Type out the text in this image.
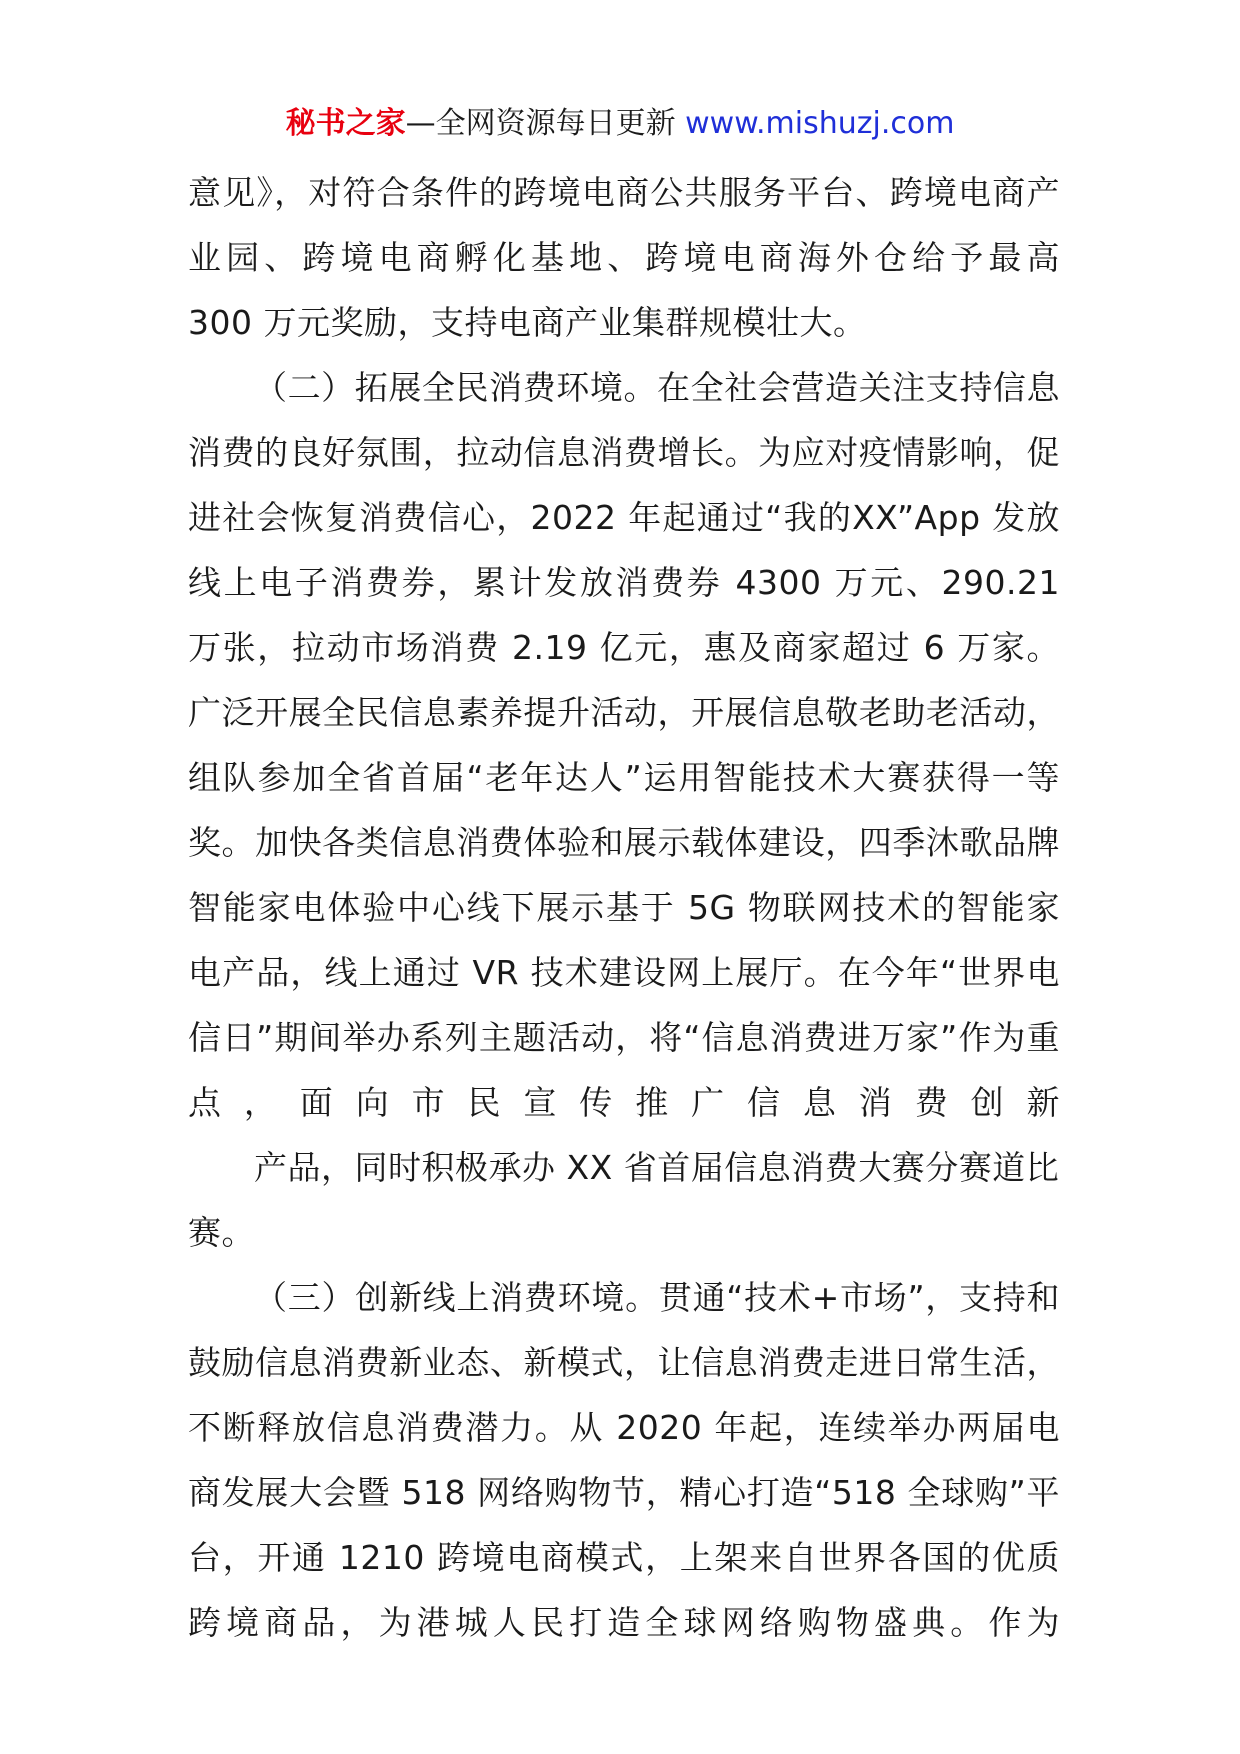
秘书之家—全网资源每日更新 www.mishuzj.com

意见》，对符合条件的跨境电商公共服务平台、跨境电商产业园、跨境电商孵化基地、跨境电商海外仓给予最高
300 万元奖励，支持电商产业集群规模壮大。

（二）拓展全民消费环境。在全社会营造关注支持信息消费的良好氛围，拉动信息消费增长。为应对疫情影响，促进社会恢复消费信心，2022 年起通过“我的XX”App 发放线上电子消费券，累计发放消费券 4300 万元、290.21 万张，拉动市场消费 2.19 亿元，惠及商家超过 6 万家。广泛开展全民信息素养提升活动，开展信息敬老助老活动，组队参加全省首届“老年达人”运用智能技术大赛获得一等奖。加快各类信息消费体验和展示载体建设，四季沐歌品牌智能家电体验中心线下展示基于 5G 物联网技术的智能家电产品，线上通过 VR 技术建设网上展厅。在今年“世界电信日”期间举办系列主题活动，将“信息消费进万家”作为重点，面向市民宣传推广信息消费创新
产品，同时积极承办 XX 省首届信息消费大赛分赛道比赛。

（三）创新线上消费环境。贯通“技术+市场”，支持和鼓励信息消费新业态、新模式，让信息消费走进日常生活，不断释放信息消费潜力。从 2020 年起，连续举办两届电商发展大会暨 518 网络购物节，精心打造“518 全球购”平台，开通 1210 跨境电商模式，上架来自世界各国的优质跨境商品，为港城人民打造全球网络购物盛典。作为
